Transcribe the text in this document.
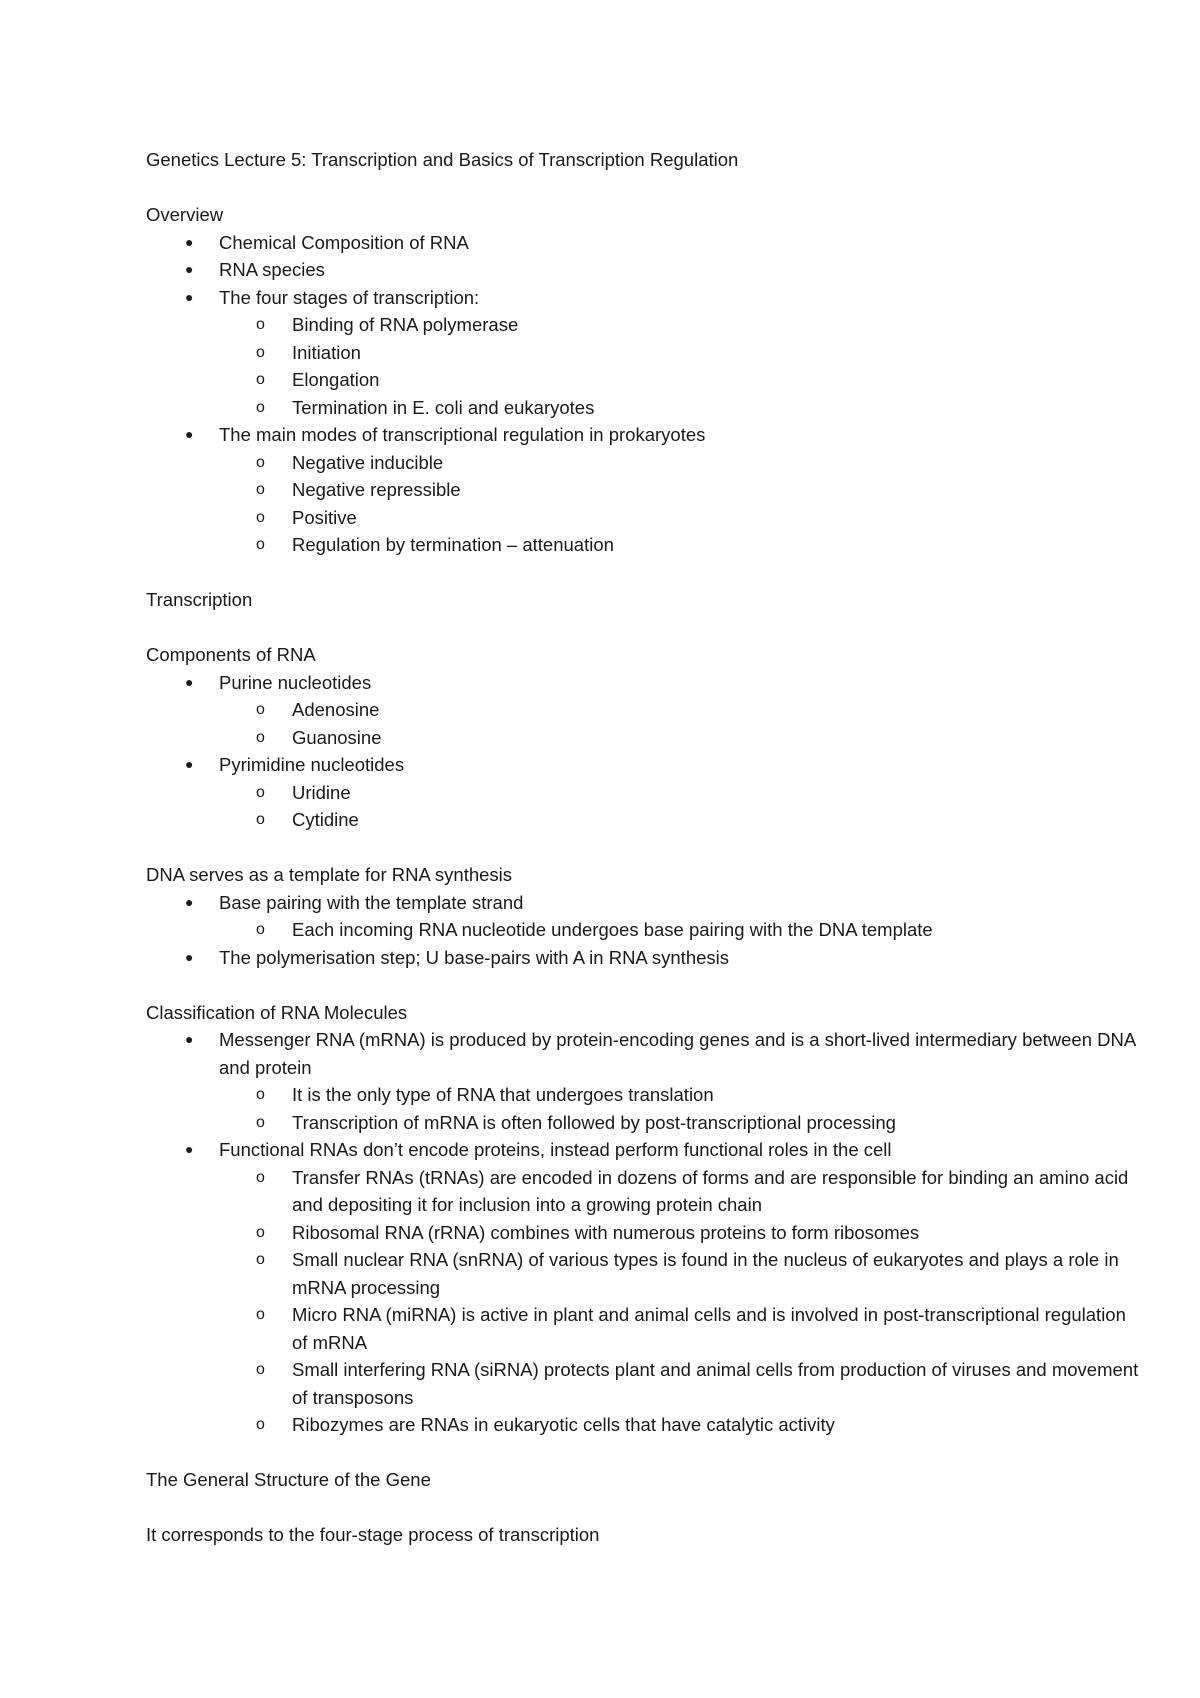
Genetics Lecture 5: Transcription and Basics of Transcription Regulation

Overview

● Chemical Composition of RNA

● RNA species

● The four stages of transcription:

o Binding of RNA polymerase

o Initiation

o Elongation

o Termination in E. coli and eukaryotes

● The main modes of transcriptional regulation in prokaryotes

o Negative inducible

o Negative repressible

o Positive

o Regulation by termination – attenuation

Transcription

Components of RNA

● Purine nucleotides

o Adenosine

o Guanosine

● Pyrimidine nucleotides

o Uridine

o Cytidine

DNA serves as a template for RNA synthesis

● Base pairing with the template strand

o Each incoming RNA nucleotide undergoes base pairing with the DNA template

● The polymerisation step; U base-pairs with A in RNA synthesis

Classification of RNA Molecules

● Messenger RNA (mRNA) is produced by protein-encoding genes and is a short-lived intermediary between DNA and protein

o It is the only type of RNA that undergoes translation

o Transcription of mRNA is often followed by post-transcriptional processing

● Functional RNAs don’t encode proteins, instead perform functional roles in the cell

o Transfer RNAs (tRNAs) are encoded in dozens of forms and are responsible for binding an amino acid and depositing it for inclusion into a growing protein chain

o Ribosomal RNA (rRNA) combines with numerous proteins to form ribosomes

o Small nuclear RNA (snRNA) of various types is found in the nucleus of eukaryotes and plays a role in mRNA processing

o Micro RNA (miRNA) is active in plant and animal cells and is involved in post-transcriptional regulation of mRNA

o Small interfering RNA (siRNA) protects plant and animal cells from production of viruses and movement of transposons

o Ribozymes are RNAs in eukaryotic cells that have catalytic activity

The General Structure of the Gene

It corresponds to the four-stage process of transcription
